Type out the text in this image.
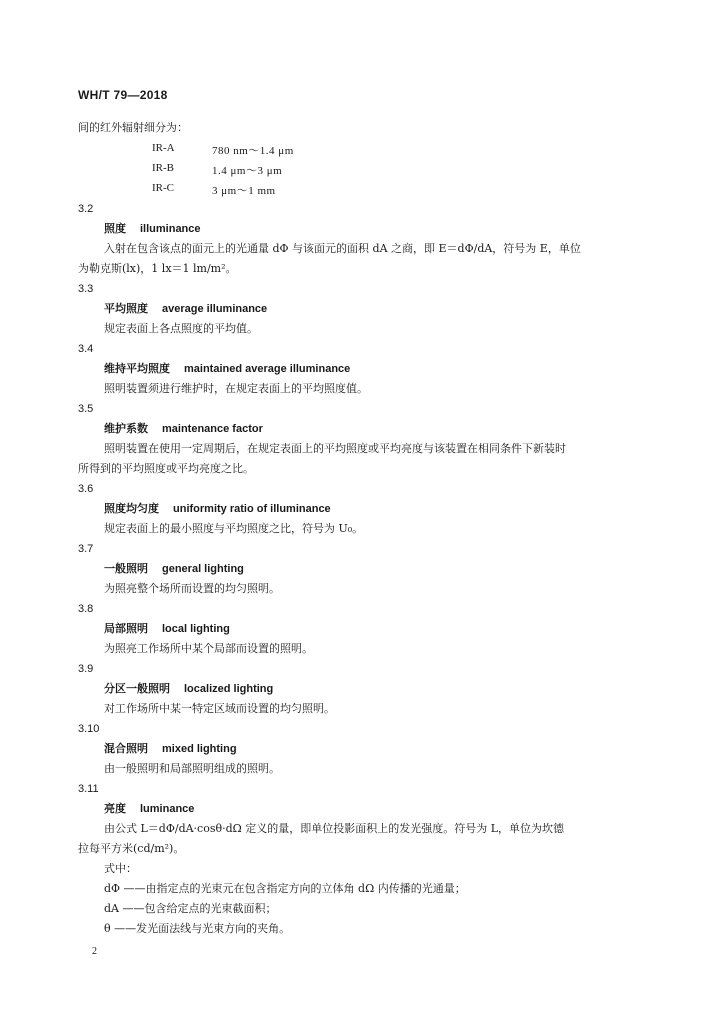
WH/T 79—2018
间的红外辐射细分为：
IR-A	780 nm～1.4 μm
IR-B	1.4 μm～3 μm
IR-C	3 μm～1 mm
3.2
照度 illuminance
入射在包含该点的面元上的光通量 dΦ 与该面元的面积 dA 之商，即 E＝dΦ/dA，符号为 E，单位
为勒克斯(lx)，1 lx＝1 lm/m²。
3.3
平均照度 average illuminance
规定表面上各点照度的平均值。
3.4
维持平均照度 maintained average illuminance
照明装置须进行维护时，在规定表面上的平均照度值。
3.5
维护系数 maintenance factor
照明装置在使用一定周期后，在规定表面上的平均照度或平均亮度与该装置在相同条件下新装时
所得到的平均照度或平均亮度之比。
3.6
照度均匀度 uniformity ratio of illuminance
规定表面上的最小照度与平均照度之比，符号为 U₀。
3.7
一般照明 general lighting
为照亮整个场所而设置的均匀照明。
3.8
局部照明 local lighting
为照亮工作场所中某个局部而设置的照明。
3.9
分区一般照明 localized lighting
对工作场所中某一特定区域而设置的均匀照明。
3.10
混合照明 mixed lighting
由一般照明和局部照明组成的照明。
3.11
亮度 luminance
由公式 L＝dΦ/dA·cosθ·dΩ 定义的量，即单位投影面积上的发光强度。符号为 L，单位为坎德
拉每平方米(cd/m²)。
式中：
dΦ ——由指定点的光束元在包含指定方向的立体角 dΩ 内传播的光通量；
dA ——包含给定点的光束截面积；
θ ——发光面法线与光束方向的夹角。
2
